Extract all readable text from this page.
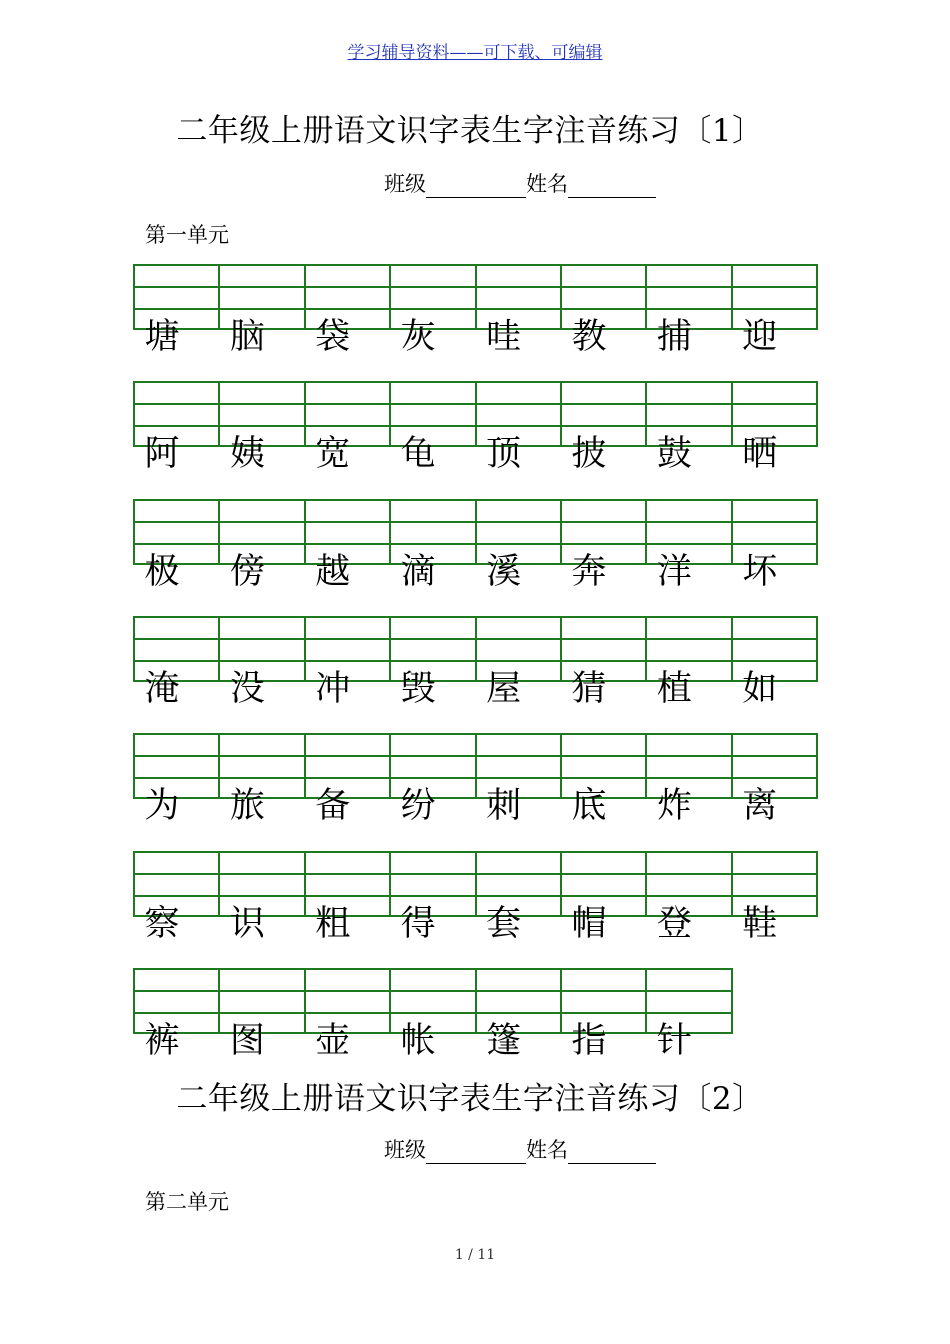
学习辅导资料——可下载、可编辑
二年级上册语文识字表生字注音练习〔1〕
班级	姓名
第一单元
塘 脑 袋 灰 哇 教 捕 迎
阿 姨 宽 龟 顶 披 鼓 晒
极 傍 越 滴 溪 奔 洋 坏
淹 没 冲 毁 屋 猜 植 如
为 旅 备 纷 刺 底 炸 离
察 识 粗 得 套 帽 登 鞋
裤 图 壶 帐 篷 指 针
二年级上册语文识字表生字注音练习〔2〕
班级	姓名
第二单元
1 / 11
